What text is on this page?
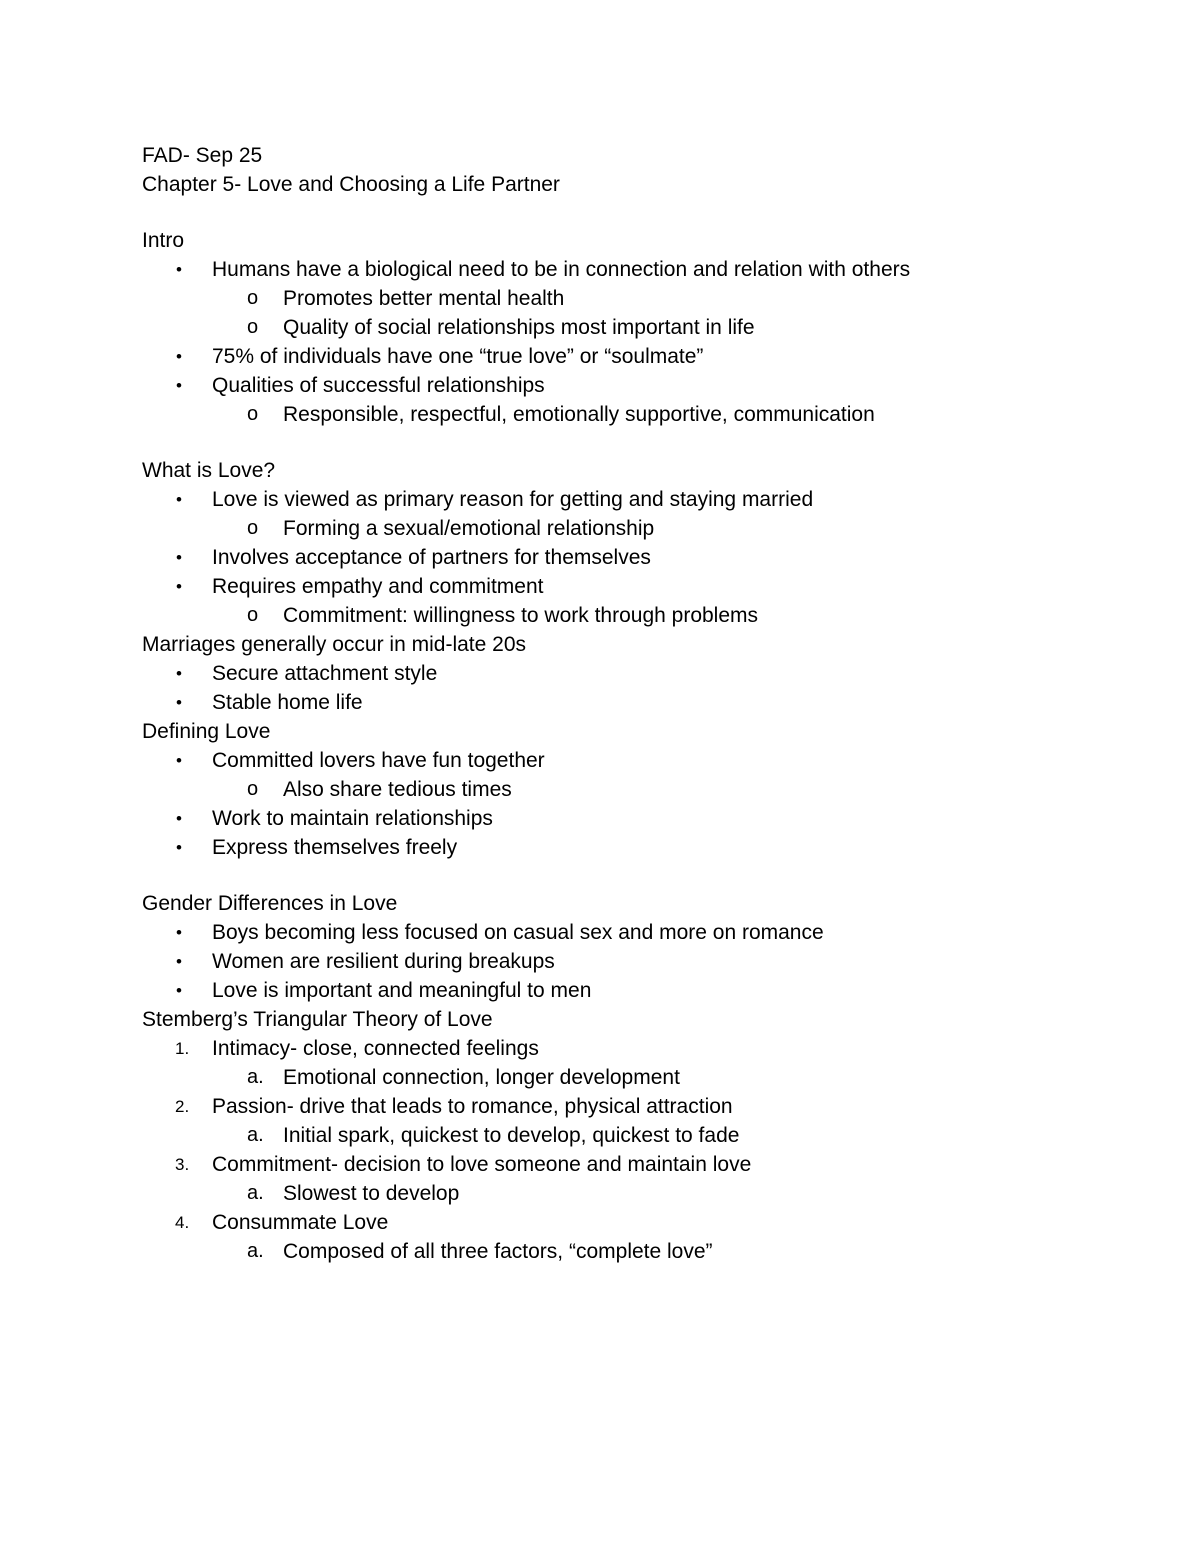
FAD- Sep 25
Chapter 5- Love and Choosing a Life Partner
Intro
• Humans have a biological need to be in connection and relation with others
o Promotes better mental health
o Quality of social relationships most important in life
• 75% of individuals have one “true love” or “soulmate”
• Qualities of successful relationships
o Responsible, respectful, emotionally supportive, communication
What is Love?
• Love is viewed as primary reason for getting and staying married
o Forming a sexual/emotional relationship
• Involves acceptance of partners for themselves
• Requires empathy and commitment
o Commitment: willingness to work through problems
Marriages generally occur in mid-late 20s
• Secure attachment style
• Stable home life
Defining Love
• Committed lovers have fun together
o Also share tedious times
• Work to maintain relationships
• Express themselves freely
Gender Differences in Love
• Boys becoming less focused on casual sex and more on romance
• Women are resilient during breakups
• Love is important and meaningful to men
Stemberg’s Triangular Theory of Love
1. Intimacy- close, connected feelings
a. Emotional connection, longer development
2. Passion- drive that leads to romance, physical attraction
a. Initial spark, quickest to develop, quickest to fade
3. Commitment- decision to love someone and maintain love
a. Slowest to develop
4. Consummate Love
a. Composed of all three factors, “complete love”
